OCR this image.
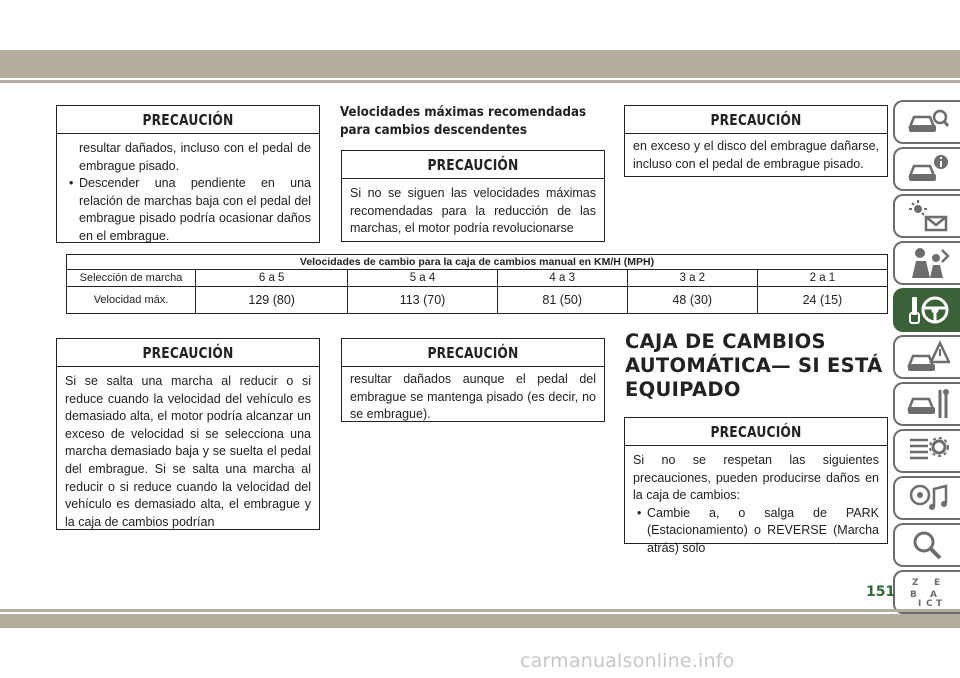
PRECAUCIÓN
resultar dañados, incluso con el pedal de embrague pisado.
• Descender una pendiente en una relación de marchas baja con el pedal del embrague pisado podría ocasionar daños en el embrague.
Velocidades máximas recomendadas para cambios descendentes
PRECAUCIÓN
Si no se siguen las velocidades máximas recomendadas para la reducción de las marchas, el motor podría revolucionarse
PRECAUCIÓN
en exceso y el disco del embrague dañarse, incluso con el pedal de embrague pisado.
Velocidades de cambio para la caja de cambios manual en KM/H (MPH)					
Selección de marcha	6 a 5	5 a 4	4 a 3	3 a 2	2 a 1
Velocidad máx.	129 (80)	113 (70)	81 (50)	48 (30)	24 (15)
PRECAUCIÓN
Si se salta una marcha al reducir o si reduce cuando la velocidad del vehículo es demasiado alta, el motor podría alcanzar un exceso de velocidad si se selecciona una marcha demasiado baja y se suelta el pedal del embrague. Si se salta una marcha al reducir o si reduce cuando la velocidad del vehículo es demasiado alta, el embrague y la caja de cambios podrían
PRECAUCIÓN
resultar dañados aunque el pedal del embrague se mantenga pisado (es decir, no se embrague).
CAJA DE CAMBIOS AUTOMÁTICA— SI ESTÁ EQUIPADO
PRECAUCIÓN
Si no se respetan las siguientes precauciones, pueden producirse daños en la caja de cambios:
• Cambie a, o salga de PARK (Estacionamiento) o REVERSE (Marcha atrás) solo
Z E
B A
I C T
151
carmanualsonline.info
